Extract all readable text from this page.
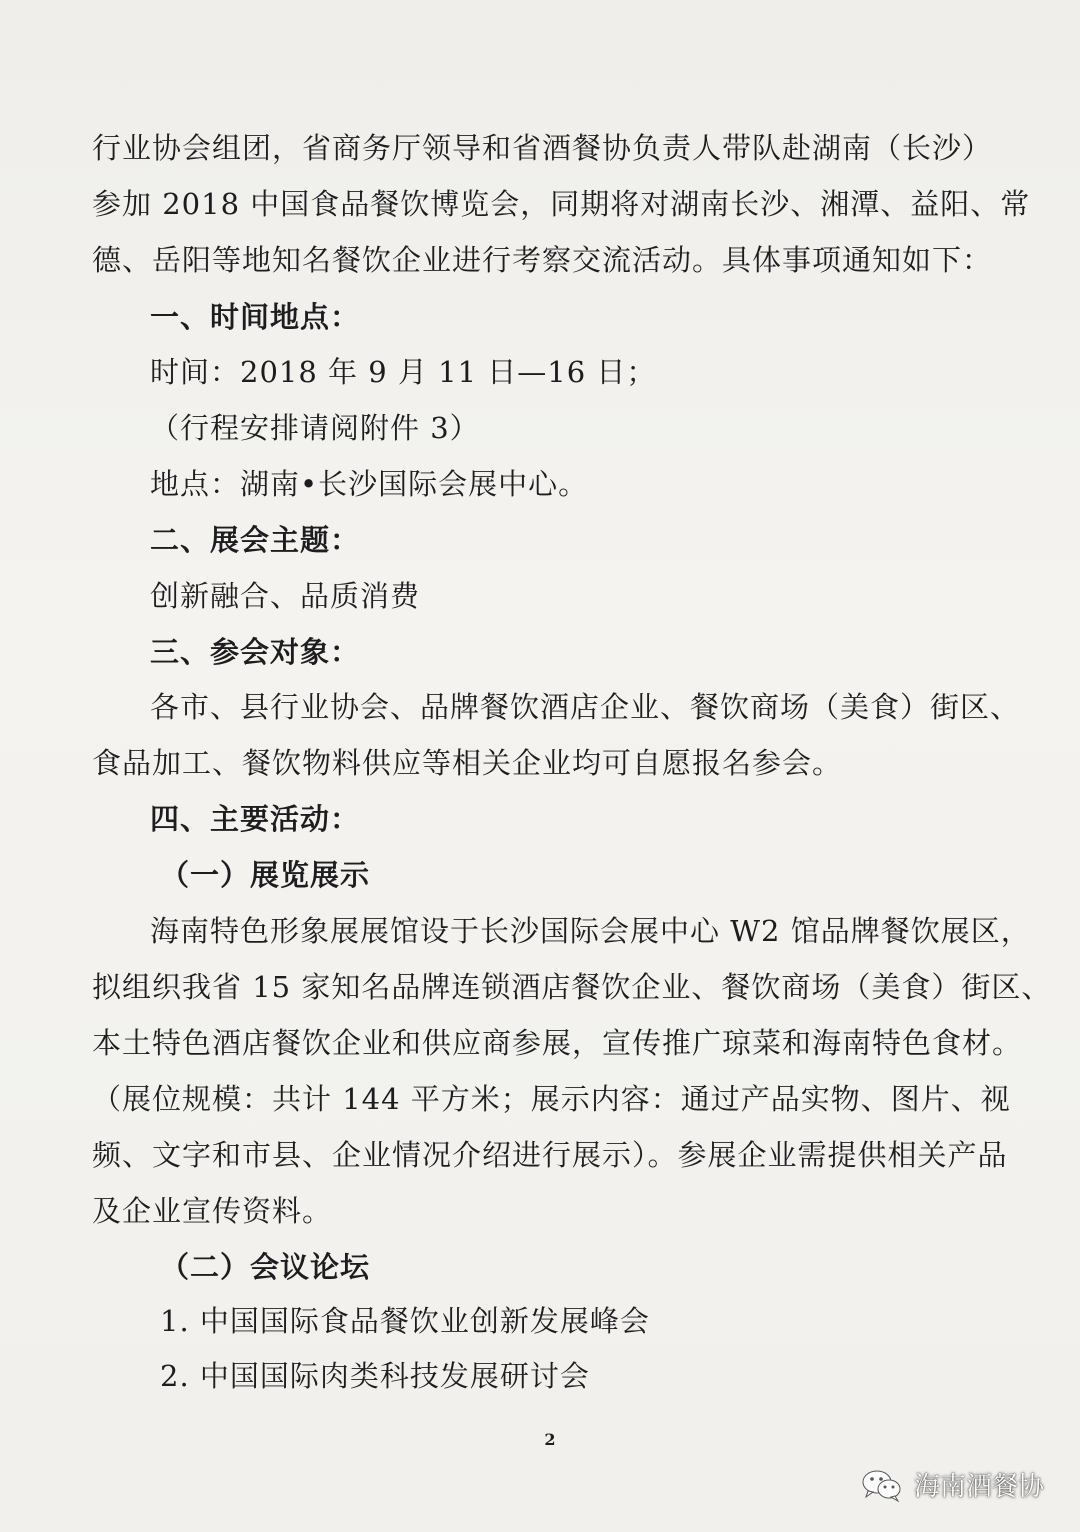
行业协会组团，省商务厅领导和省酒餐协负责人带队赴湖南（长沙）
参加 2018 中国食品餐饮博览会，同期将对湖南长沙、湘潭、益阳、常
德、岳阳等地知名餐饮企业进行考察交流活动。具体事项通知如下：
一、时间地点：
时间：2018 年 9 月 11 日—16 日；
（行程安排请阅附件 3）
地点：湖南•长沙国际会展中心。
二、展会主题：
创新融合、品质消费
三、参会对象：
各市、县行业协会、品牌餐饮酒店企业、餐饮商场（美食）街区、
食品加工、餐饮物料供应等相关企业均可自愿报名参会。
四、主要活动：
（一）展览展示
海南特色形象展展馆设于长沙国际会展中心 W2 馆品牌餐饮展区，
拟组织我省 15 家知名品牌连锁酒店餐饮企业、餐饮商场（美食）街区、
本土特色酒店餐饮企业和供应商参展，宣传推广琼菜和海南特色食材。
（展位规模：共计 144 平方米；展示内容：通过产品实物、图片、视
频、文字和市县、企业情况介绍进行展示）。参展企业需提供相关产品
及企业宣传资料。
（二）会议论坛
1. 中国国际食品餐饮业创新发展峰会
2. 中国国际肉类科技发展研讨会
2
海南酒餐协
